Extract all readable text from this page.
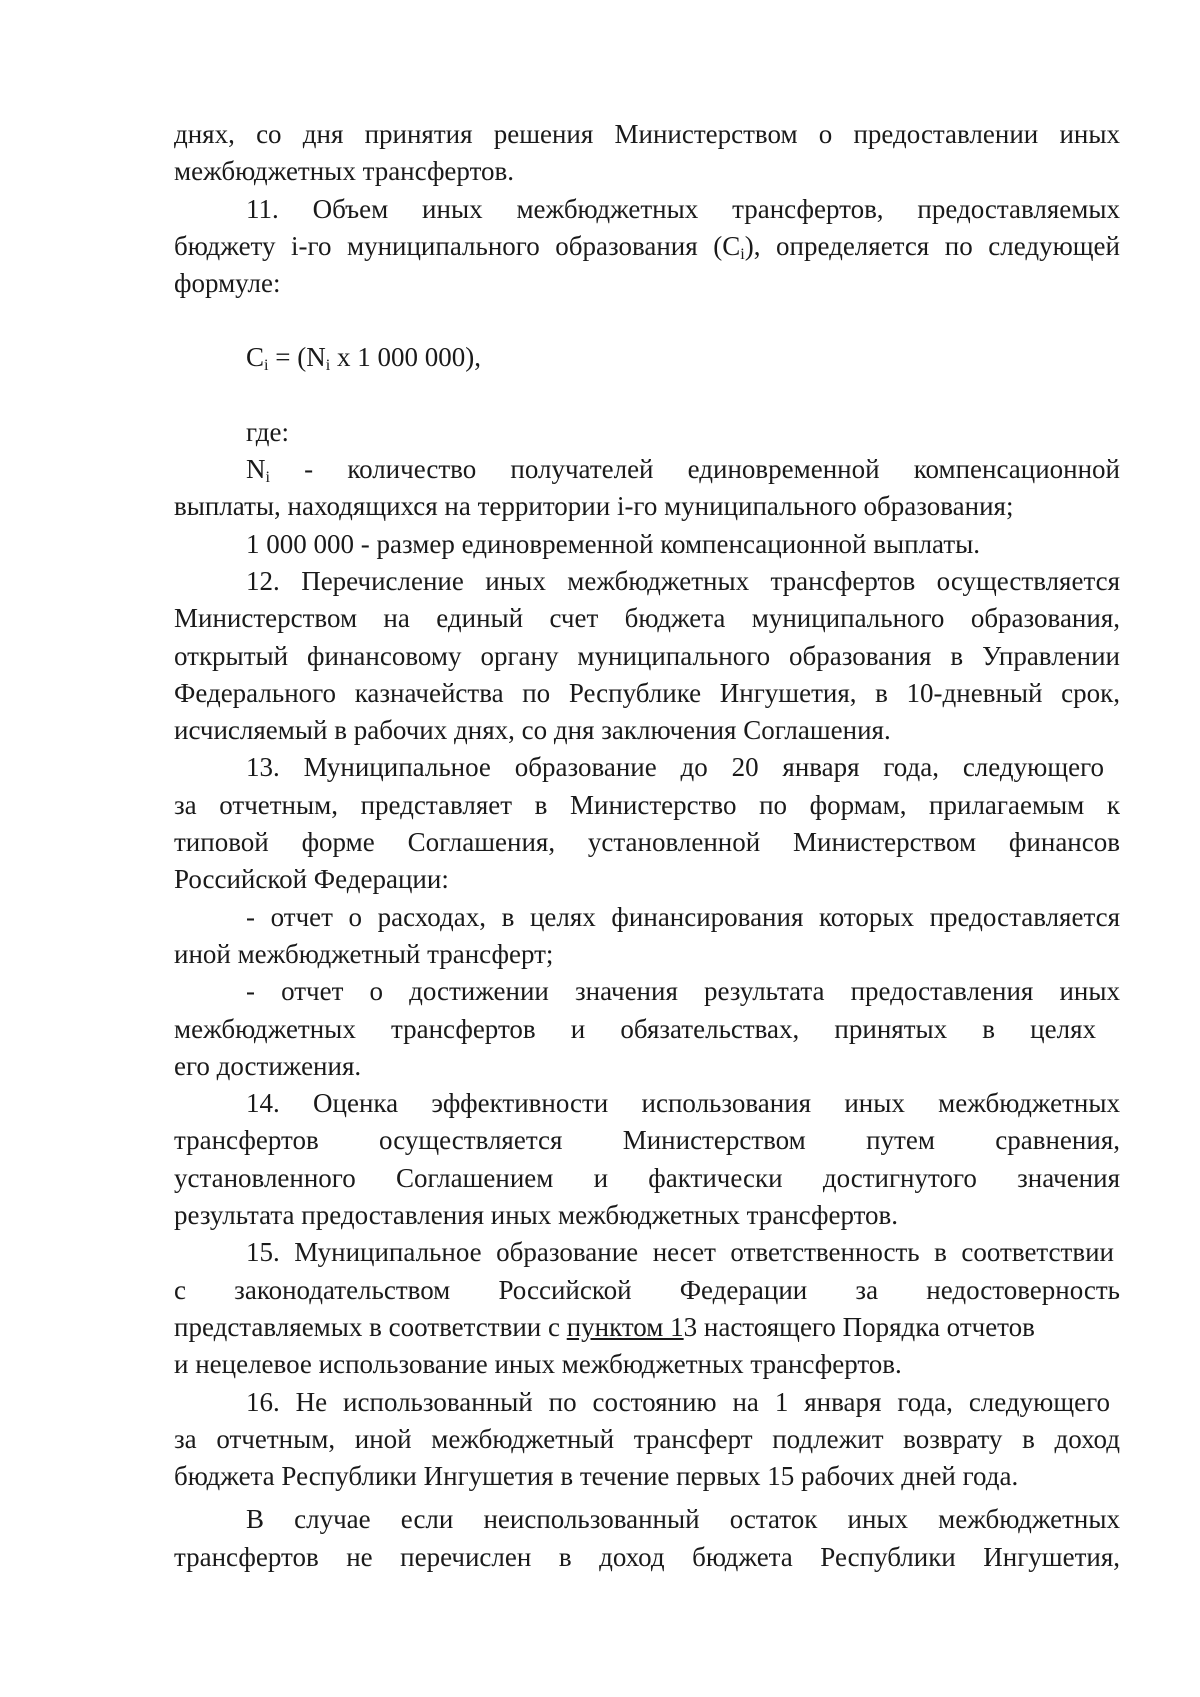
днях, со дня принятия решения Министерством о предоставлении иных
межбюджетных трансфертов.
11. Объем иных межбюджетных трансфертов, предоставляемых
бюджету i-го муниципального образования $(C_i)$, определяется по следующей
формуле:
$C_i = (N_i$ x 1 000 000),
где:
$N_i$ - количество получателей единовременной компенсационной
выплаты, находящихся на территории i-го муниципального образования;
1 000 000 - размер единовременной компенсационной выплаты.
12. Перечисление иных межбюджетных трансфертов осуществляется
Министерством на единый счет бюджета муниципального образования,
открытый финансовому органу муниципального образования в Управлении
Федерального казначейства по Республике Ингушетия, в 10-дневный срок,
исчисляемый в рабочих днях, со дня заключения Соглашения.
13. Муниципальное образование до 20 января года, следующего
за отчетным, представляет в Министерство по формам, прилагаемым к
типовой форме Соглашения, установленной Министерством финансов
Российской Федерации:
- отчет о расходах, в целях финансирования которых предоставляется
иной межбюджетный трансферт;
- отчет о достижении значения результата предоставления иных
межбюджетных трансфертов и обязательствах, принятых в целях
его достижения.
14. Оценка эффективности использования иных межбюджетных
трансфертов осуществляется Министерством путем сравнения,
установленного Соглашением и фактически достигнутого значения
результата предоставления иных межбюджетных трансфертов.
15. Муниципальное образование несет ответственность в соответствии
с законодательством Российской Федерации за недостоверность
представляемых в соответствии с пунктом 13 настоящего Порядка отчетов
и нецелевое использование иных межбюджетных трансфертов.
16. Не использованный по состоянию на 1 января года, следующего
за отчетным, иной межбюджетный трансферт подлежит возврату в доход
бюджета Республики Ингушетия в течение первых 15 рабочих дней года.
В случае если неиспользованный остаток иных межбюджетных
трансфертов не перечислен в доход бюджета Республики Ингушетия,
